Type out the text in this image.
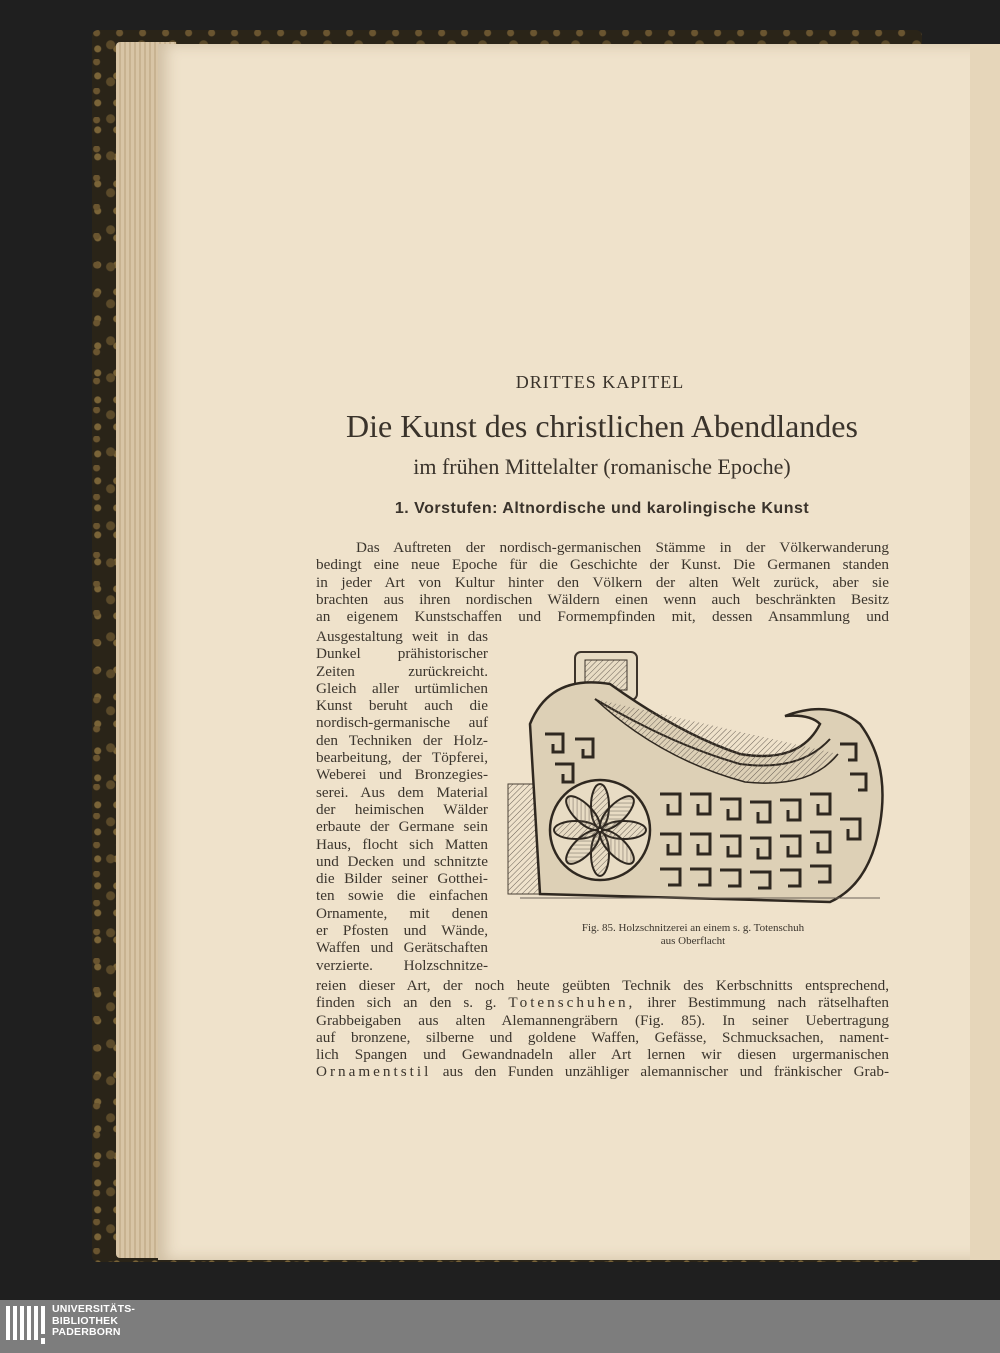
DRITTES KAPITEL
Die Kunst des christlichen Abendlandes
im frühen Mittelalter (romanische Epoche)
1. Vorstufen: Altnordische und karolingische Kunst
Das Auftreten der nordisch-germanischen Stämme in der Völkerwanderung
bedingt eine neue Epoche für die Geschichte der Kunst. Die Germanen standen
in jeder Art von Kultur hinter den Völkern der alten Welt zurück, aber sie
brachten aus ihren nordischen Wäldern einen wenn auch beschränkten Besitz
an eigenem Kunstschaffen und Formempfinden mit, dessen Ansammlung und
Ausgestaltung weit in das
Dunkel prähistorischer
Zeiten zurückreicht.
Gleich aller urtümlichen
Kunst beruht auch die
nordisch-germanische auf
den Techniken der Holz-
bearbeitung, der Töpferei,
Weberei und Bronzegies-
serei. Aus dem Material
der heimischen Wälder
erbaute der Germane sein
Haus, flocht sich Matten
und Decken und schnitzte
die Bilder seiner Gotthei-
ten sowie die einfachen
Ornamente, mit denen
er Pfosten und Wände,
Waffen und Gerätschaften
verzierte. Holzschnitze-
Fig. 85. Holzschnitzerei an einem s. g. Totenschuh
aus Oberflacht
reien dieser Art, der noch heute geübten Technik des Kerbschnitts entsprechend,
finden sich an den s. g. Totenschuhen, ihrer Bestimmung nach rätselhaften
Grabbeigaben aus alten Alemannengräbern (Fig. 85). In seiner Uebertragung
auf bronzene, silberne und goldene Waffen, Gefässe, Schmucksachen, nament-
lich Spangen und Gewandnadeln aller Art lernen wir diesen urgermanischen
Ornamentstil aus den Funden unzähliger alemannischer und fränkischer Grab-
UNIVERSITÄTS-
BIBLIOTHEK
PADERBORN
